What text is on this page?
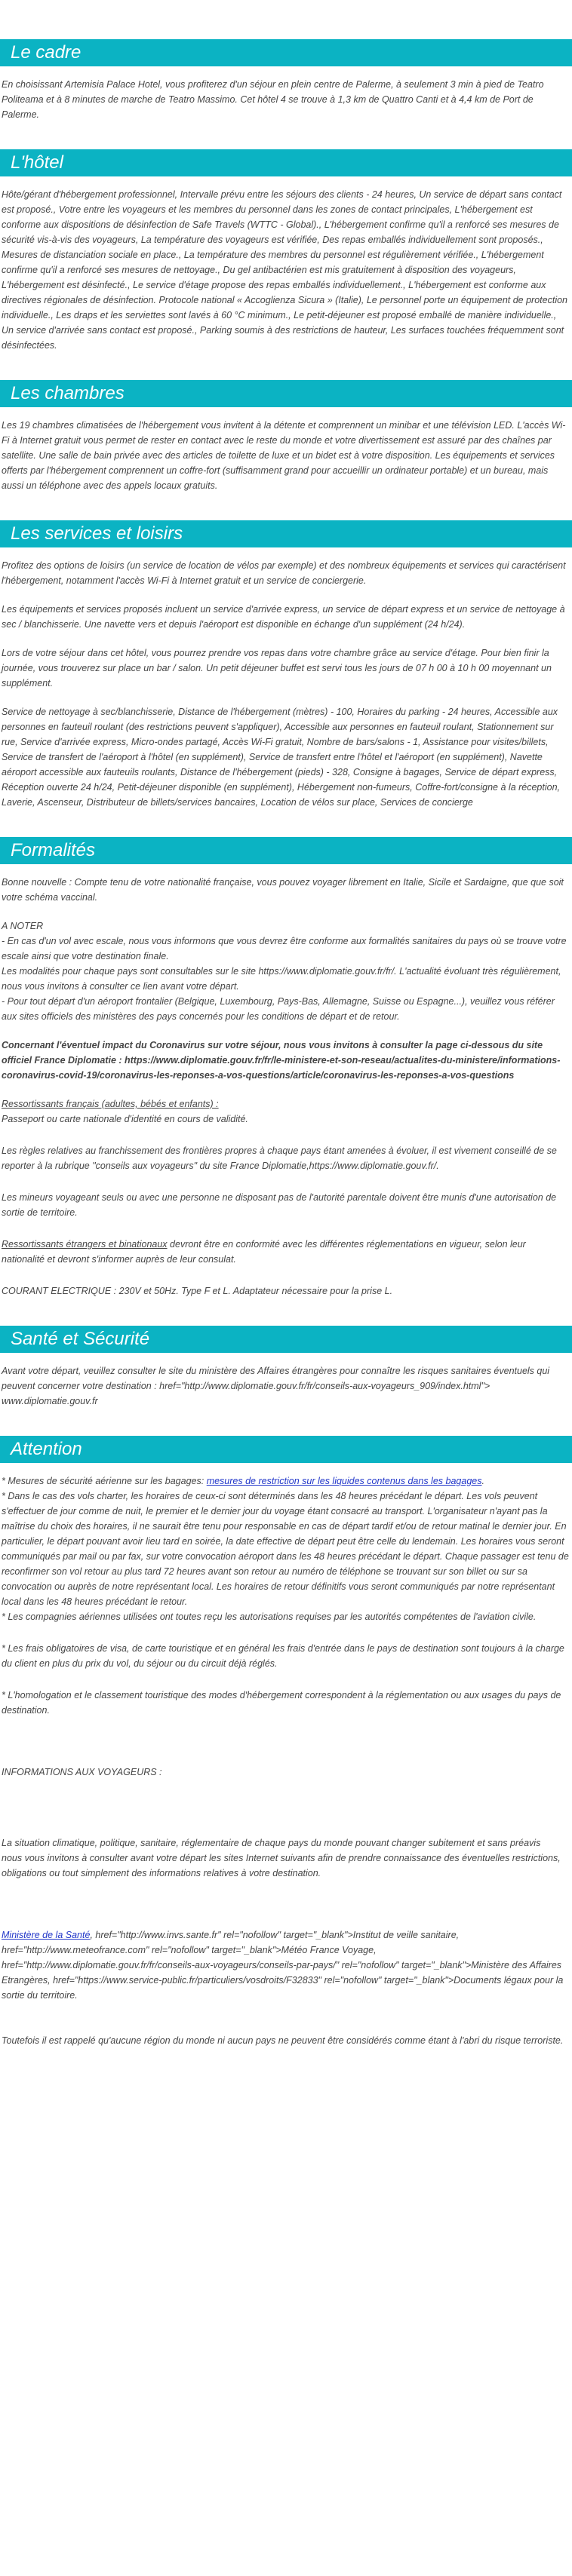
Le cadre

En choisissant Artemisia Palace Hotel, vous profiterez d'un séjour en plein centre de Palerme, à seulement 3 min à pied de Teatro Politeama et à 8 minutes de marche de Teatro Massimo. Cet hôtel 4 se trouve à 1,3 km de Quattro Canti et à 4,4 km de Port de Palerme.

L'hôtel

Hôte/gérant d'hébergement professionnel, Intervalle prévu entre les séjours des clients - 24 heures, Un service de départ sans contact est proposé., Votre entre les voyageurs et les membres du personnel dans les zones de contact principales, L'hébergement est conforme aux dispositions de désinfection de Safe Travels (WTTC - Global)., L'hébergement confirme qu'il a renforcé ses mesures de sécurité vis-à-vis des voyageurs, La température des voyageurs est vérifiée, Des repas emballés individuellement sont proposés., Mesures de distanciation sociale en place., La température des membres du personnel est régulièrement vérifiée., L'hébergement confirme qu'il a renforcé ses mesures de nettoyage., Du gel antibactérien est mis gratuitement à disposition des voyageurs, L'hébergement est désinfecté., Le service d'étage propose des repas emballés individuellement., L'hébergement est conforme aux directives régionales de désinfection. Protocole national « Accoglienza Sicura » (Italie), Le personnel porte un équipement de protection individuelle., Les draps et les serviettes sont lavés à 60 °C minimum., Le petit-déjeuner est proposé emballé de manière individuelle., Un service d'arrivée sans contact est proposé., Parking soumis à des restrictions de hauteur, Les surfaces touchées fréquemment sont désinfectées.

Les chambres

Les 19 chambres climatisées de l'hébergement vous invitent à la détente et comprennent un minibar et une télévision LED. L'accès Wi-Fi à Internet gratuit vous permet de rester en contact avec le reste du monde et votre divertissement est assuré par des chaînes par satellite. Une salle de bain privée avec des articles de toilette de luxe et un bidet est à votre disposition. Les équipements et services offerts par l'hébergement comprennent un coffre-fort (suffisamment grand pour accueillir un ordinateur portable) et un bureau, mais aussi un téléphone avec des appels locaux gratuits.

Les services et loisirs

Profitez des options de loisirs (un service de location de vélos par exemple) et des nombreux équipements et services qui caractérisent l'hébergement, notamment l'accès Wi-Fi à Internet gratuit et un service de conciergerie.

Les équipements et services proposés incluent un service d'arrivée express, un service de départ express et un service de nettoyage à sec / blanchisserie. Une navette vers et depuis l'aéroport est disponible en échange d'un supplément (24 h/24).

Lors de votre séjour dans cet hôtel, vous pourrez prendre vos repas dans votre chambre grâce au service d'étage. Pour bien finir la journée, vous trouverez sur place un bar / salon. Un petit déjeuner buffet est servi tous les jours de 07 h 00 à 10 h 00 moyennant un supplément.

Service de nettoyage à sec/blanchisserie, Distance de l'hébergement (mètres) - 100, Horaires du parking - 24 heures, Accessible aux personnes en fauteuil roulant (des restrictions peuvent s'appliquer), Accessible aux personnes en fauteuil roulant, Stationnement sur rue, Service d'arrivée express, Micro-ondes partagé, Accès Wi-Fi gratuit, Nombre de bars/salons - 1, Assistance pour visites/billets, Service de transfert de l'aéroport à l'hôtel (en supplément), Service de transfert entre l'hôtel et l'aéroport (en supplément), Navette aéroport accessible aux fauteuils roulants, Distance de l'hébergement (pieds) - 328, Consigne à bagages, Service de départ express, Réception ouverte 24 h/24, Petit-déjeuner disponible (en supplément), Hébergement non-fumeurs, Coffre-fort/consigne à la réception, Laverie, Ascenseur, Distributeur de billets/services bancaires, Location de vélos sur place, Services de concierge

Formalités

Bonne nouvelle : Compte tenu de votre nationalité française, vous pouvez voyager librement en Italie, Sicile et Sardaigne, que que soit votre schéma vaccinal.

A NOTER
- En cas d'un vol avec escale, nous vous informons que vous devrez être conforme aux formalités sanitaires du pays où se trouve votre escale ainsi que votre destination finale.
Les modalités pour chaque pays sont consultables sur le site https://www.diplomatie.gouv.fr/fr/. L'actualité évoluant très régulièrement, nous vous invitons à consulter ce lien avant votre départ.
- Pour tout départ d'un aéroport frontalier (Belgique, Luxembourg, Pays-Bas, Allemagne, Suisse ou Espagne...), veuillez vous référer aux sites officiels des ministères des pays concernés pour les conditions de départ et de retour.

Concernant l'éventuel impact du Coronavirus sur votre séjour, nous vous invitons à consulter la page ci-dessous du site officiel France Diplomatie : https://www.diplomatie.gouv.fr/fr/le-ministere-et-son-reseau/actualites-du-ministere/informations-coronavirus-covid-19/coronavirus-les-reponses-a-vos-questions/article/coronavirus-les-reponses-a-vos-questions

Ressortissants français (adultes, bébés et enfants) :
Passeport ou carte nationale d'identité en cours de validité.

Les règles relatives au franchissement des frontières propres à chaque pays étant amenées à évoluer, il est vivement conseillé de se reporter à la rubrique "conseils aux voyageurs" du site France Diplomatie,https://www.diplomatie.gouv.fr/.

Les mineurs voyageant seuls ou avec une personne ne disposant pas de l'autorité parentale doivent être munis d'une autorisation de sortie de territoire.

Ressortissants étrangers et binationaux devront être en conformité avec les différentes réglementations en vigueur, selon leur nationalité et devront s'informer auprès de leur consulat.

COURANT ELECTRIQUE : 230V et 50Hz. Type F et L. Adaptateur nécessaire pour la prise L.

Santé et Sécurité

Avant votre départ, veuillez consulter le site du ministère des Affaires étrangères pour connaître les risques sanitaires éventuels qui peuvent concerner votre destination : href="http://www.diplomatie.gouv.fr/fr/conseils-aux-voyageurs_909/index.html"> www.diplomatie.gouv.fr

Attention
* Mesures de sécurité aérienne sur les bagages: mesures de restriction sur les liquides contenus dans les bagages.
* Dans le cas des vols charter, les horaires de ceux-ci sont déterminés dans les 48 heures précédant le départ. Les vols peuvent s'effectuer de jour comme de nuit, le premier et le dernier jour du voyage étant consacré au transport. L'organisateur n'ayant pas la maîtrise du choix des horaires, il ne saurait être tenu pour responsable en cas de départ tardif et/ou de retour matinal le dernier jour. En particulier, le départ pouvant avoir lieu tard en soirée, la date effective de départ peut être celle du lendemain. Les horaires vous seront communiqués par mail ou par fax, sur votre convocation aéroport dans les 48 heures précédant le départ. Chaque passager est tenu de reconfirmer son vol retour au plus tard 72 heures avant son retour au numéro de téléphone se trouvant sur son billet ou sur sa convocation ou auprès de notre représentant local. Les horaires de retour définitifs vous seront communiqués par notre représentant local dans les 48 heures précédant le retour.
* Les compagnies aériennes utilisées ont toutes reçu les autorisations requises par les autorités compétentes de l'aviation civile.
* Les frais obligatoires de visa, de carte touristique et en général les frais d'entrée dans le pays de destination sont toujours à la charge du client en plus du prix du vol, du séjour ou du circuit déjà réglés.
* L'homologation et le classement touristique des modes d'hébergement correspondent à la réglementation ou aux usages du pays de destination.
INFORMATIONS AUX VOYAGEURS :
La situation climatique, politique, sanitaire, réglementaire de chaque pays du monde pouvant changer subitement et sans préavis
nous vous invitons à consulter avant votre départ les sites Internet suivants afin de prendre connaissance des éventuelles restrictions, obligations ou tout simplement des informations relatives à votre destination.
Ministère de la Santé, href="http://www.invs.sante.fr" rel="nofollow" target="_blank">Institut de veille sanitaire, href="http://www.meteofrance.com" rel="nofollow" target="_blank">Météo France Voyage, href="http://www.diplomatie.gouv.fr/fr/conseils-aux-voyageurs/conseils-par-pays/" rel="nofollow" target="_blank">Ministère des Affaires Etrangères, href="https://www.service-public.fr/particuliers/vosdroits/F32833" rel="nofollow" target="_blank">Documents légaux pour la sortie du territoire.
Toutefois il est rappelé qu'aucune région du monde ni aucun pays ne peuvent être considérés comme étant à l'abri du risque terroriste.
